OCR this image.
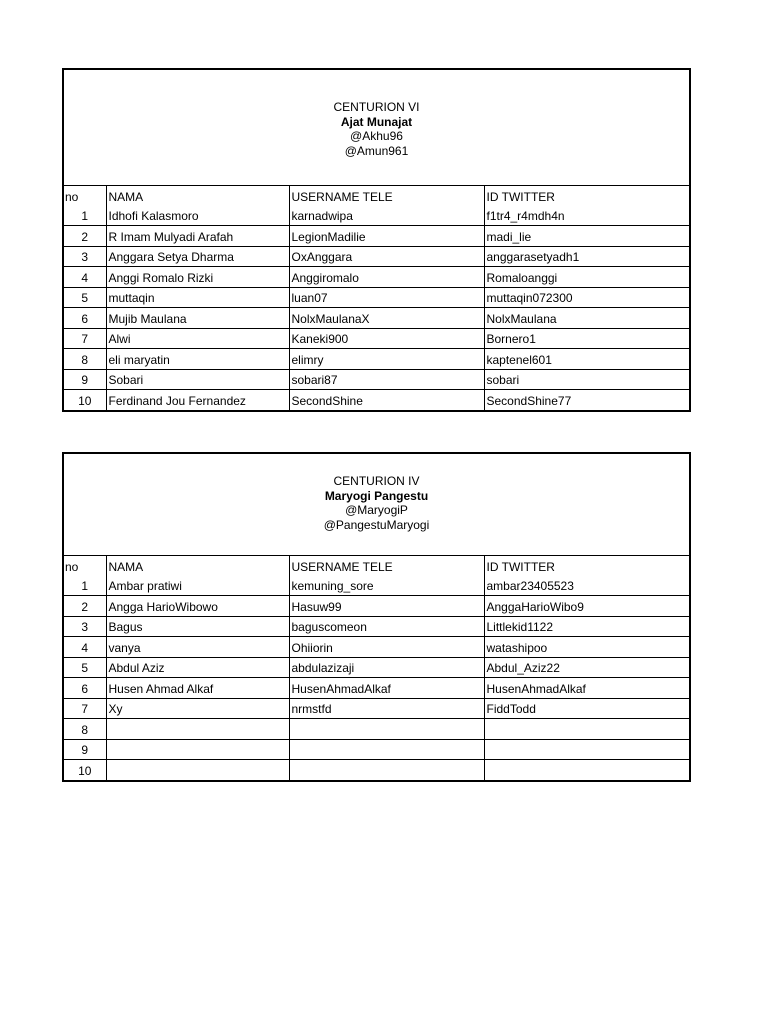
CENTURION VI
Ajat Munajat
@Akhu96
@Amun961
no	NAMA	USERNAME TELE	ID TWITTER
1	Idhofi Kalasmoro	karnadwipa	f1tr4_r4mdh4n
2	R Imam Mulyadi Arafah	LegionMadilie	madi_lie
3	Anggara Setya Dharma	OxAnggara	anggarasetyadh1
4	Anggi Romalo Rizki	Anggiromalo	Romaloanggi
5	muttaqin	luan07	muttaqin072300
6	Mujib Maulana	NolxMaulanaX	NolxMaulana
7	Alwi	Kaneki900	Bornero1
8	eli maryatin	elimry	kaptenel601
9	Sobari	sobari87	sobari
10	Ferdinand Jou Fernandez	SecondShine	SecondShine77
CENTURION IV
Maryogi Pangestu
@MaryogiP
@PangestuMaryogi
no	NAMA	USERNAME TELE	ID TWITTER
1	Ambar pratiwi	kemuning_sore	ambar23405523
2	Angga HarioWibowo	Hasuw99	AnggaHarioWibo9
3	Bagus	baguscomeon	Littlekid1122
4	vanya	Ohiiorin	watashipoo
5	Abdul Aziz	abdulazizaji	Abdul_Aziz22
6	Husen Ahmad Alkaf	HusenAhmadAlkaf	HusenAhmadAlkaf
7	Xy	nrmstfd	FiddTodd
8			
9			
10			
